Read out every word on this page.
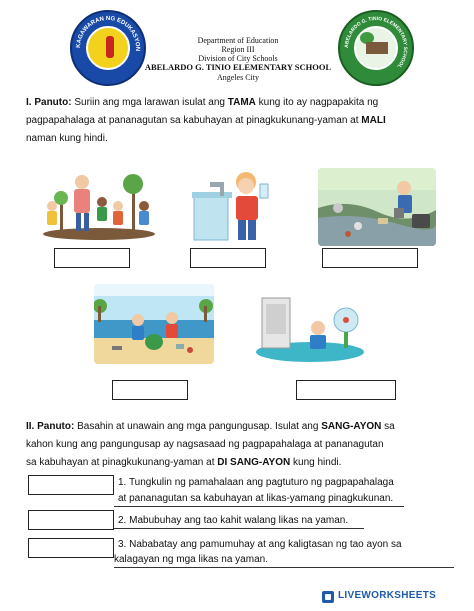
KAGAWARAN NG EDUKASYON
ABELARDO G. TINIO ELEMENTARY SCHOOL
Department of Education
Region III
Division of City Schools
ABELARDO G. TINIO ELEMENTARY SCHOOL
Angeles City
I. Panuto: Suriin ang mga larawan isulat ang TAMA kung ito ay nagpapakita ng
pagpapahalaga at pananagutan sa kabuhayan at pinagkukunang-yaman at MALI
naman kung hindi.
II. Panuto: Basahin at unawain ang mga pangungusap. Isulat ang SANG-AYON sa
kahon kung ang pangungusap ay nagsasaad ng pagpapahalaga at pananagutan
sa kabuhayan at pinagkukunang-yaman at DI SANG-AYON kung hindi.
1. Tungkulin ng pamahalaan ang pagtuturo ng pagpapahalaga
at pananagutan sa kabuhayan at likas-yamang pinagkukunan.
2. Mabubuhay ang tao kahit walang likas na yaman.
3. Nababatay ang pamumuhay at ang kaligtasan ng tao ayon sa
kalagayan ng mga likas na yaman.
LIVEWORKSHEETS
